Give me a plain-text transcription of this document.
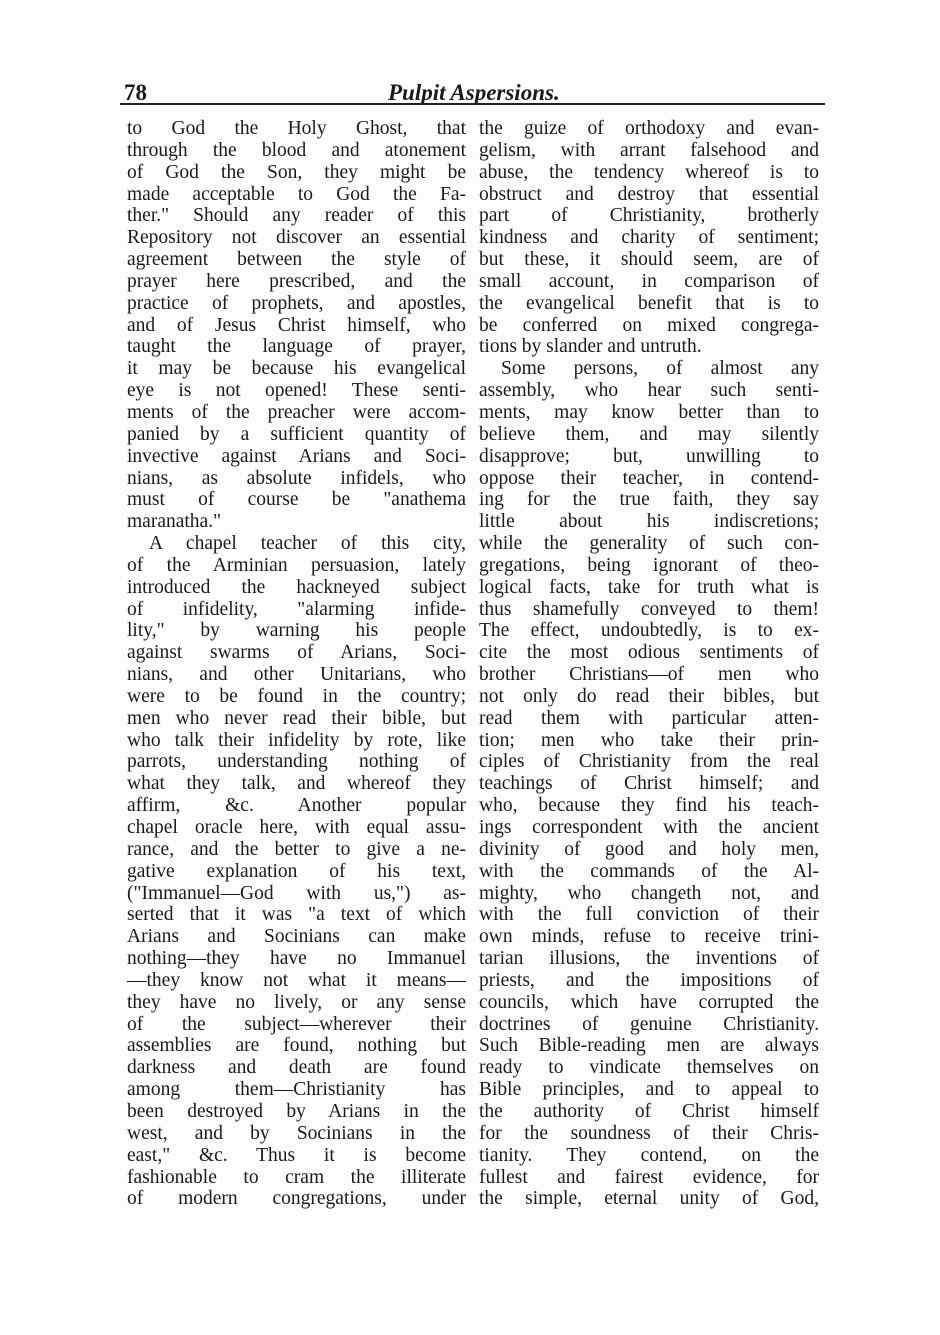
78	Pulpit Aspersions.
to God the Holy Ghost, that
through the blood and atonement
of God the Son, they might be
made acceptable to God the Fa-
ther." Should any reader of this
Repository not discover an essential
agreement between the style of
prayer here prescribed, and the
practice of prophets, and apostles,
and of Jesus Christ himself, who
taught the language of prayer,
it may be because his evangelical
eye is not opened! These senti-
ments of the preacher were accom-
panied by a sufficient quantity of
invective against Arians and Soci-
nians, as absolute infidels, who
must of course be "anathema
maranatha."
A chapel teacher of this city,
of the Arminian persuasion, lately
introduced the hackneyed subject
of infidelity, "alarming infide-
lity," by warning his people
against swarms of Arians, Soci-
nians, and other Unitarians, who
were to be found in the country;
men who never read their bible, but
who talk their infidelity by rote, like
parrots, understanding nothing of
what they talk, and whereof they
affirm, &c. Another popular
chapel oracle here, with equal assu-
rance, and the better to give a ne-
gative explanation of his text,
("Immanuel—God with us,") as-
serted that it was "a text of which
Arians and Socinians can make
nothing—they have no Immanuel
—they know not what it means—
they have no lively, or any sense
of the subject—wherever their
assemblies are found, nothing but
darkness and death are found
among them—Christianity has
been destroyed by Arians in the
west, and by Socinians in the
east," &c. Thus it is become
fashionable to cram the illiterate
of modern congregations, under
the guize of orthodoxy and evan-
gelism, with arrant falsehood and
abuse, the tendency whereof is to
obstruct and destroy that essential
part of Christianity, brotherly
kindness and charity of sentiment;
but these, it should seem, are of
small account, in comparison of
the evangelical benefit that is to
be conferred on mixed congrega-
tions by slander and untruth.
Some persons, of almost any
assembly, who hear such senti-
ments, may know better than to
believe them, and may silently
disapprove; but, unwilling to
oppose their teacher, in contend-
ing for the true faith, they say
little about his indiscretions;
while the generality of such con-
gregations, being ignorant of theo-
logical facts, take for truth what is
thus shamefully conveyed to them!
The effect, undoubtedly, is to ex-
cite the most odious sentiments of
brother Christians—of men who
not only do read their bibles, but
read them with particular atten-
tion; men who take their prin-
ciples of Christianity from the real
teachings of Christ himself; and
who, because they find his teach-
ings correspondent with the ancient
divinity of good and holy men,
with the commands of the Al-
mighty, who changeth not, and
with the full conviction of their
own minds, refuse to receive trini-
tarian illusions, the inventions of
priests, and the impositions of
councils, which have corrupted the
doctrines of genuine Christianity.
Such Bible-reading men are always
ready to vindicate themselves on
Bible principles, and to appeal to
the authority of Christ himself
for the soundness of their Chris-
tianity. They contend, on the
fullest and fairest evidence, for
the simple, eternal unity of God,
